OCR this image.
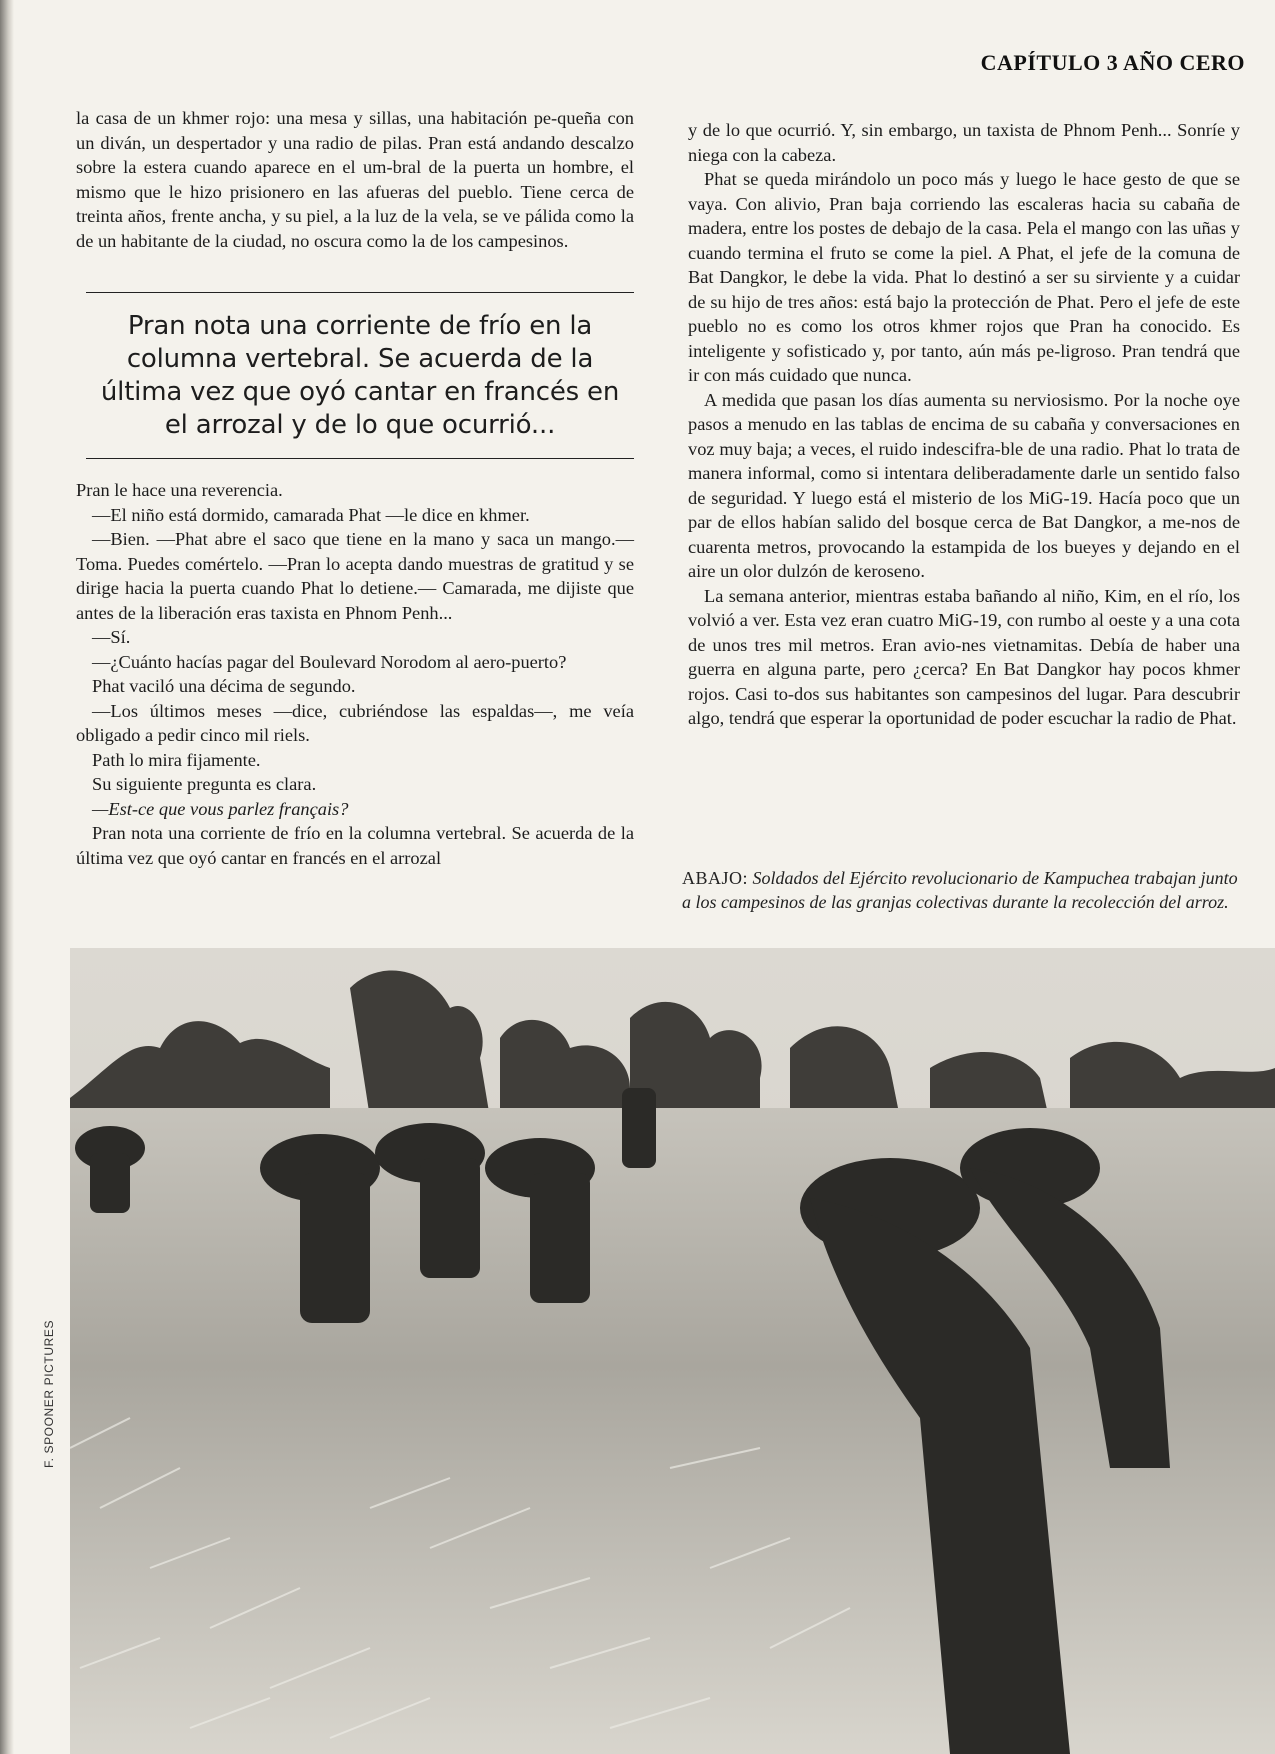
CAPÍTULO 3 AÑO CERO

la casa de un khmer rojo: una mesa y sillas, una habitación pe-queña con un diván, un despertador y una radio de pilas. Pran está andando descalzo sobre la estera cuando aparece en el um-bral de la puerta un hombre, el mismo que le hizo prisionero en las afueras del pueblo. Tiene cerca de treinta años, frente ancha, y su piel, a la luz de la vela, se ve pálida como la de un habitante de la ciudad, no oscura como la de los campesinos.

Pran nota una corriente de frío en la columna vertebral. Se acuerda de la última vez que oyó cantar en francés en el arrozal y de lo que ocurrió...

Pran le hace una reverencia.

—El niño está dormido, camarada Phat —le dice en khmer.

—Bien. —Phat abre el saco que tiene en la mano y saca un mango.— Toma. Puedes comértelo. —Pran lo acepta dando muestras de gratitud y se dirige hacia la puerta cuando Phat lo detiene.— Camarada, me dijiste que antes de la liberación eras taxista en Phnom Penh...

—Sí.

—¿Cuánto hacías pagar del Boulevard Norodom al aero-puerto?

Phat vaciló una décima de segundo.

—Los últimos meses —dice, cubriéndose las espaldas—, me veía obligado a pedir cinco mil riels.

Path lo mira fijamente.

Su siguiente pregunta es clara.

—Est-ce que vous parlez français?

Pran nota una corriente de frío en la columna vertebral. Se acuerda de la última vez que oyó cantar en francés en el arrozal

y de lo que ocurrió. Y, sin embargo, un taxista de Phnom Penh... Sonríe y niega con la cabeza.

Phat se queda mirándolo un poco más y luego le hace gesto de que se vaya. Con alivio, Pran baja corriendo las escaleras hacia su cabaña de madera, entre los postes de debajo de la casa. Pela el mango con las uñas y cuando termina el fruto se come la piel. A Phat, el jefe de la comuna de Bat Dangkor, le debe la vida. Phat lo destinó a ser su sirviente y a cuidar de su hijo de tres años: está bajo la protección de Phat. Pero el jefe de este pueblo no es como los otros khmer rojos que Pran ha conocido. Es inteligente y sofisticado y, por tanto, aún más pe-ligroso. Pran tendrá que ir con más cuidado que nunca.

A medida que pasan los días aumenta su nerviosismo. Por la noche oye pasos a menudo en las tablas de encima de su cabaña y conversaciones en voz muy baja; a veces, el ruido indescifra-ble de una radio. Phat lo trata de manera informal, como si intentara deliberadamente darle un sentido falso de seguridad. Y luego está el misterio de los MiG-19. Hacía poco que un par de ellos habían salido del bosque cerca de Bat Dangkor, a me-nos de cuarenta metros, provocando la estampida de los bueyes y dejando en el aire un olor dulzón de keroseno.

La semana anterior, mientras estaba bañando al niño, Kim, en el río, los volvió a ver. Esta vez eran cuatro MiG-19, con rumbo al oeste y a una cota de unos tres mil metros. Eran avio-nes vietnamitas. Debía de haber una guerra en alguna parte, pero ¿cerca? En Bat Dangkor hay pocos khmer rojos. Casi to-dos sus habitantes son campesinos del lugar. Para descubrir algo, tendrá que esperar la oportunidad de poder escuchar la radio de Phat.

ABAJO: Soldados del Ejército revolucionario de Kampuchea trabajan junto a los campesinos de las granjas colectivas durante la recolección del arroz.

F. SPOONER PICTURES
